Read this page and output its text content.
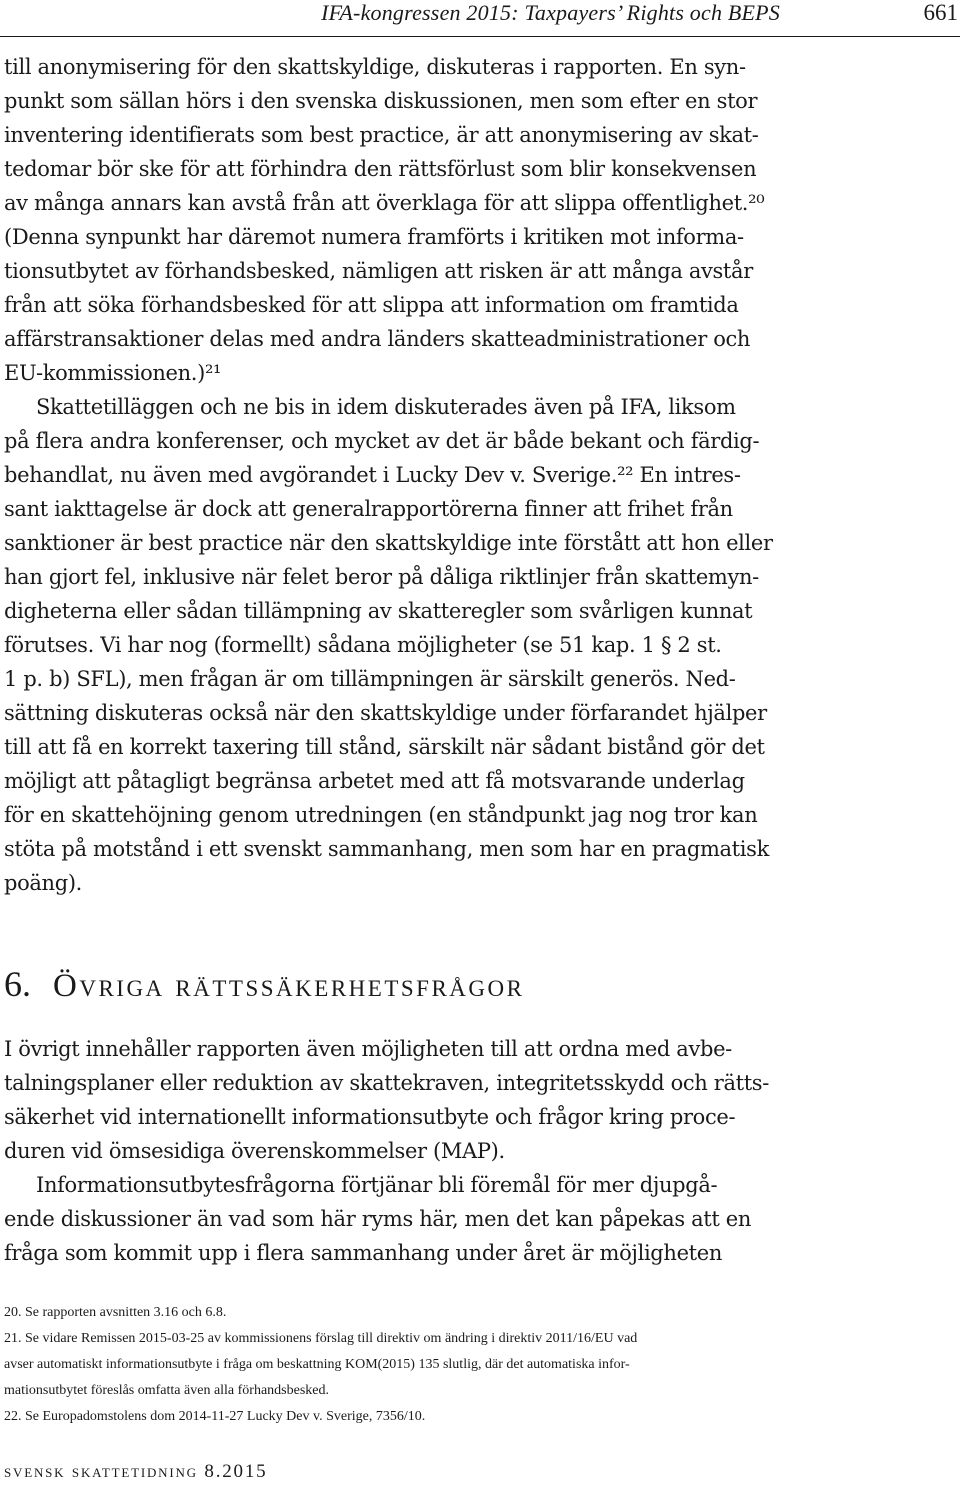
IFA-kongressen 2015: Taxpayers’ Rights och BEPS	661
till anonymisering för den skattskyldige, diskuteras i rapporten. En syn-
punkt som sällan hörs i den svenska diskussionen, men som efter en stor
inventering identifierats som best practice, är att anonymisering av skat-
tedomar bör ske för att förhindra den rättsförlust som blir konsekvensen
av många annars kan avstå från att överklaga för att slippa offentlighet.²⁰
(Denna synpunkt har däremot numera framförts i kritiken mot informa-
tionsutbytet av förhandsbesked, nämligen att risken är att många avstår
från att söka förhandsbesked för att slippa att information om framtida
affärstransaktioner delas med andra länders skatteadministrationer och
EU-kommissionen.)²¹
Skattetilläggen och ne bis in idem diskuterades även på IFA, liksom
på flera andra konferenser, och mycket av det är både bekant och färdig-
behandlat, nu även med avgörandet i Lucky Dev v. Sverige.²² En intres-
sant iakttagelse är dock att generalrapportörerna finner att frihet från
sanktioner är best practice när den skattskyldige inte förstått att hon eller
han gjort fel, inklusive när felet beror på dåliga riktlinjer från skattemyn-
digheterna eller sådan tillämpning av skatteregler som svårligen kunnat
förutses. Vi har nog (formellt) sådana möjligheter (se 51 kap. 1 § 2 st.
1 p. b) SFL), men frågan är om tillämpningen är särskilt generös. Ned-
sättning diskuteras också när den skattskyldige under förfarandet hjälper
till att få en korrekt taxering till stånd, särskilt när sådant bistånd gör det
möjligt att påtagligt begränsa arbetet med att få motsvarande underlag
för en skattehöjning genom utredningen (en ståndpunkt jag nog tror kan
stöta på motstånd i ett svenskt sammanhang, men som har en pragmatisk
poäng).
6. Övriga rättssäkerhetsfrågor
I övrigt innehåller rapporten även möjligheten till att ordna med avbe-
talningsplaner eller reduktion av skattekraven, integritetsskydd och rätts-
säkerhet vid internationellt informationsutbyte och frågor kring proce-
duren vid ömsesidiga överenskommelser (MAP).
Informationsutbytesfrågorna förtjänar bli föremål för mer djupgå-
ende diskussioner än vad som här ryms här, men det kan påpekas att en
fråga som kommit upp i flera sammanhang under året är möjligheten
20. Se rapporten avsnitten 3.16 och 6.8.
21. Se vidare Remissen 2015-03-25 av kommissionens förslag till direktiv om ändring i direktiv 2011/16/EU vad
avser automatiskt informationsutbyte i fråga om beskattning KOM(2015) 135 slutlig, där det automatiska infor-
mationsutbytet föreslås omfatta även alla förhandsbesked.
22. Se Europadomstolens dom 2014-11-27 Lucky Dev v. Sverige, 7356/10.
svensk skattetidning 8.2015
